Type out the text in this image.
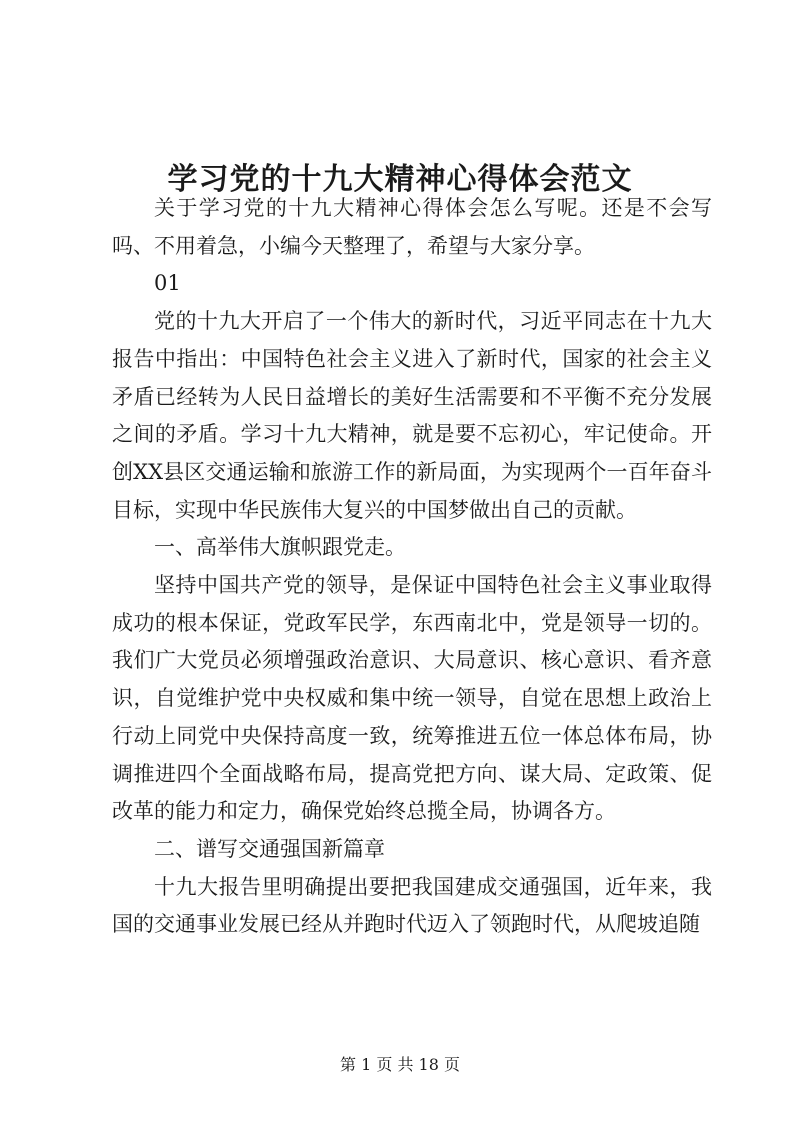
学习党的十九大精神心得体会范文

关于学习党的十九大精神心得体会怎么写呢。还是不会写吗、不用着急，小编今天整理了，希望与大家分享。

01

党的十九大开启了一个伟大的新时代，习近平同志在十九大报告中指出：中国特色社会主义进入了新时代，国家的社会主义矛盾已经转为人民日益增长的美好生活需要和不平衡不充分发展之间的矛盾。学习十九大精神，就是要不忘初心，牢记使命。开创XX县区交通运输和旅游工作的新局面，为实现两个一百年奋斗目标，实现中华民族伟大复兴的中国梦做出自己的贡献。

一、高举伟大旗帜跟党走。

坚持中国共产党的领导，是保证中国特色社会主义事业取得成功的根本保证，党政军民学，东西南北中，党是领导一切的。我们广大党员必须增强政治意识、大局意识、核心意识、看齐意识，自觉维护党中央权威和集中统一领导，自觉在思想上政治上行动上同党中央保持高度一致，统筹推进五位一体总体布局，协调推进四个全面战略布局，提高党把方向、谋大局、定政策、促改革的能力和定力，确保党始终总揽全局，协调各方。

二、谱写交通强国新篇章

十九大报告里明确提出要把我国建成交通强国，近年来，我国的交通事业发展已经从并跑时代迈入了领跑时代，从爬坡追随

第 1 页 共 18 页
